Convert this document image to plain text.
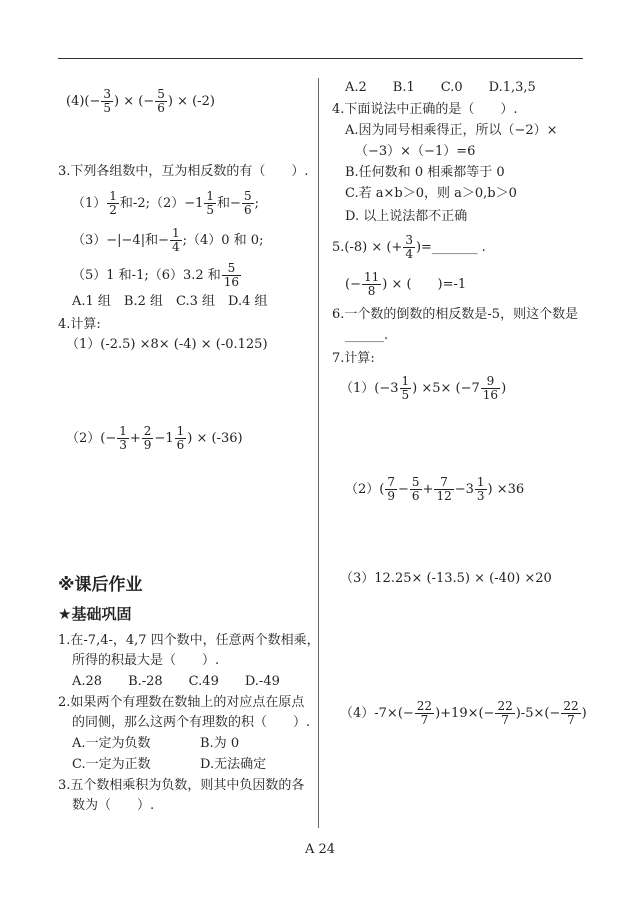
$(4)(- \frac{3}{5}$ ) × (− $\frac{5}{6}$ ) × (-2)
3.下列各组数中，互为相反数的有（　　）.
$(1) \frac{1}{2}$ 和-2;（2）−1 $\frac{1}{5}$ 和− $\frac{5}{6}$ ;
（3）−|−4|和− $\frac{1}{4}$ ;（4）0 和 0;
（5）1 和-1;（6）3.2 和 $\frac{5}{16}$
A.1 组　B.2 组　C.3 组　D.4 组
4.计算:
（1）(-2.5) ×8× (-4) × (-0.125)
$(2)(- \frac{1}{3} + \frac{2}{9} -1 \frac{1}{6}$ ) × (-36)
※课后作业
★基础巩固
1.在-7,4-，4,7 四个数中，任意两个数相乘，
所得的积最大是（　　）.
A.28　　B.-28　　C.49　　D.-49
2.如果两个有理数在数轴上的对应点在原点
的同侧，那么这两个有理数的积（　　）.
A.一定为负数	B.为 0
C.一定为正数	D.无法确定
3.五个数相乘积为负数，则其中负因数的各
数为（　　）.
A.2　　B.1　　C.0　　D.1,3,5
4.下面说法中正确的是（　　）.
A.因为同号相乘得正，所以（−2）×
（−3）×（−1）=6
B.任何数和 0 相乘都等于 0
C.若 a×b＞0，则 a＞0,b＞0
D. 以上说法都不正确
5.(-8) × (+ $\frac{3}{4}$ )=_______ .
(− $\frac{11}{8}$ ) × (　　)=-1
6.一个数的倒数的相反数是-5，则这个数是
______.
7.计算:
$(1)(-3 \frac{1}{5}$ ) $\times 5\times (-7 \frac{9}{16}$ )
$(2)( \frac{7}{9} - \frac{5}{6} + \frac{7}{12} -3 \frac{1}{3}$ ) ×36
（3）12.25× (-13.5) × (-40) ×20
$(4)-7\times(- \frac{22}{7} )+19\times(- \frac{22}{7} )-5\times(- \frac{22}{7}$ )
A 24
